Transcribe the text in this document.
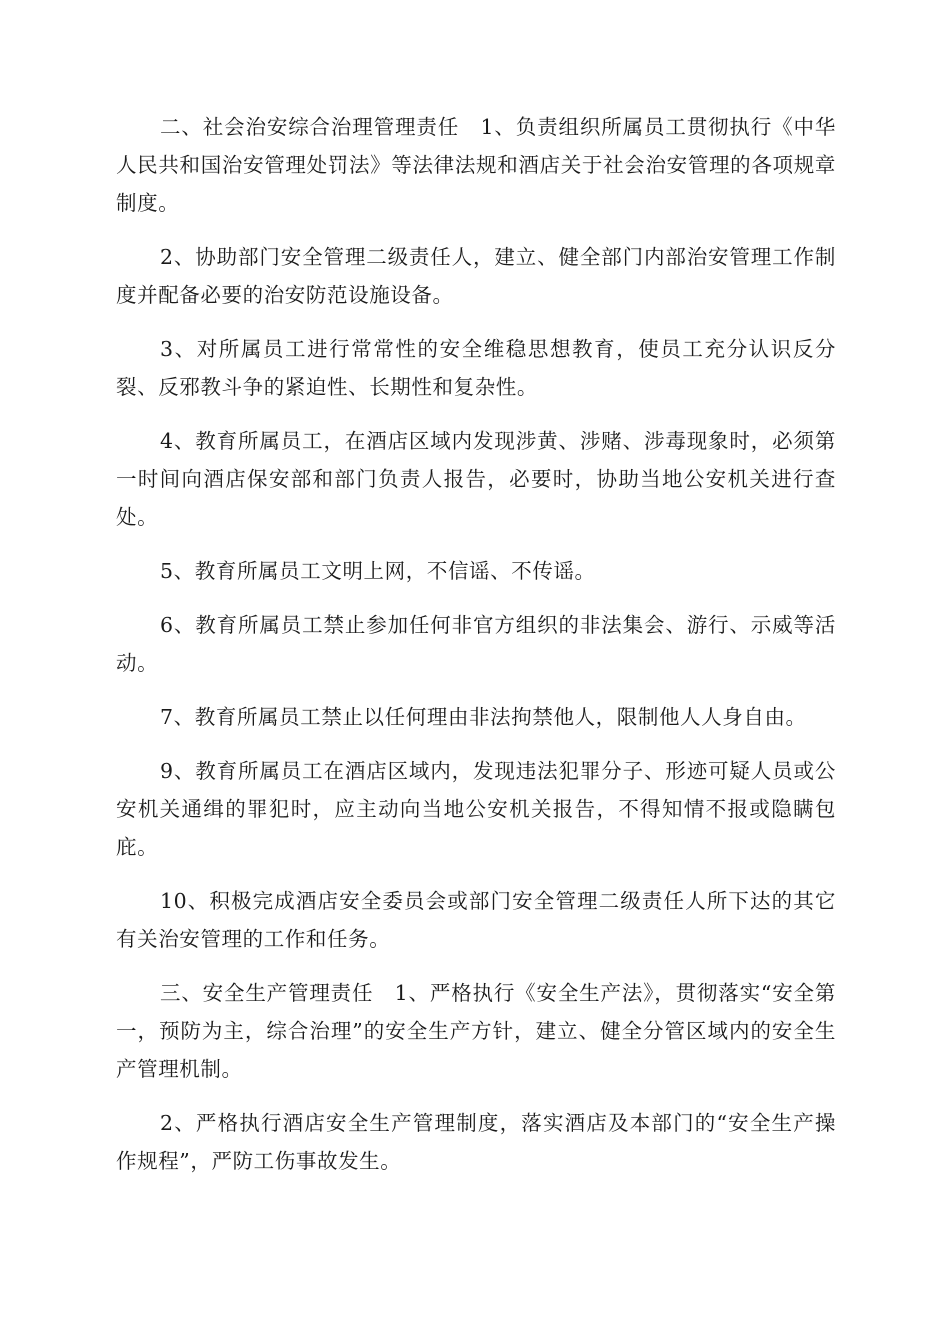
二、社会治安综合治理管理责任　1、负责组织所属员工贯彻执行《中华人民共和国治安管理处罚法》等法律法规和酒店关于社会治安管理的各项规章制度。

2、协助部门安全管理二级责任人，建立、健全部门内部治安管理工作制度并配备必要的治安防范设施设备。

3、对所属员工进行常常性的安全维稳思想教育，使员工充分认识反分裂、反邪教斗争的紧迫性、长期性和复杂性。

4、教育所属员工，在酒店区域内发现涉黄、涉赌、涉毒现象时，必须第一时间向酒店保安部和部门负责人报告，必要时，协助当地公安机关进行查处。

5、教育所属员工文明上网，不信谣、不传谣。

6、教育所属员工禁止参加任何非官方组织的非法集会、游行、示威等活动。

7、教育所属员工禁止以任何理由非法拘禁他人，限制他人人身自由。

9、教育所属员工在酒店区域内，发现违法犯罪分子、形迹可疑人员或公安机关通缉的罪犯时，应主动向当地公安机关报告，不得知情不报或隐瞒包庇。

10、积极完成酒店安全委员会或部门安全管理二级责任人所下达的其它有关治安管理的工作和任务。

三、安全生产管理责任　1、严格执行《安全生产法》，贯彻落实“安全第一，预防为主，综合治理”的安全生产方针，建立、健全分管区域内的安全生产管理机制。

2、严格执行酒店安全生产管理制度，落实酒店及本部门的“安全生产操作规程”，严防工伤事故发生。
